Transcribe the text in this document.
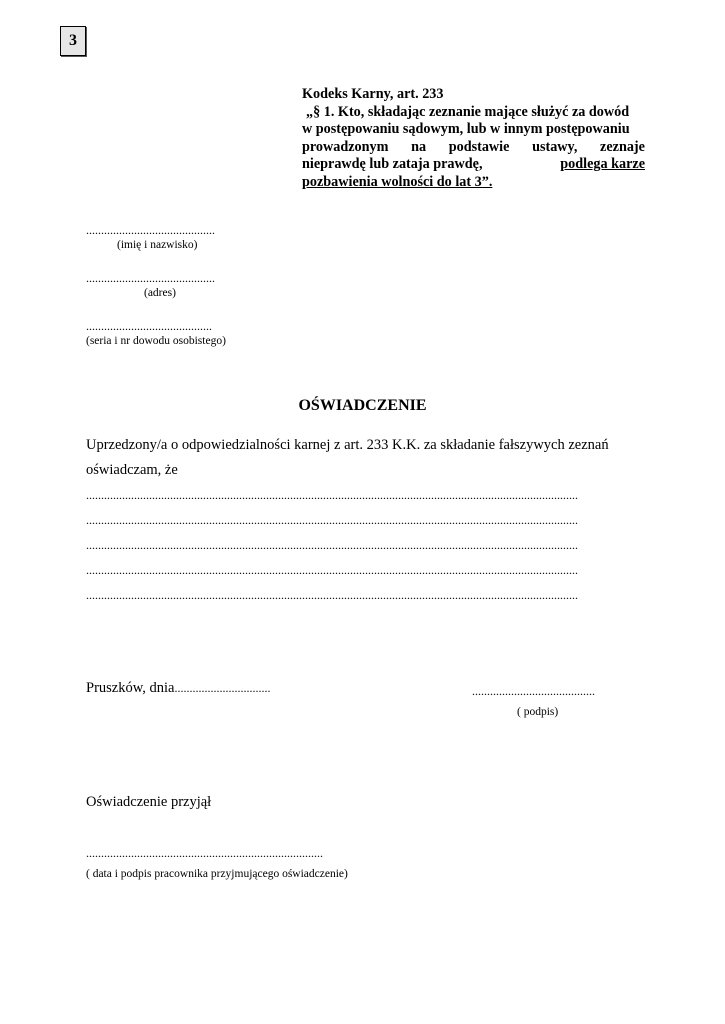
3
Kodeks Karny, art. 233
„§ 1. Kto, składając zeznanie mające służyć za dowód
w postępowaniu sądowym, lub w innym postępowaniu
prowadzonym na podstawie ustawy, zeznaje
nieprawdę lub zataja prawdę,	podlega karze
pozbawienia wolności do lat 3”.
...........................................
(imię i nazwisko)
...........................................
(adres)
..........................................
(seria i nr dowodu osobistego)
OŚWIADCZENIE
Uprzedzony/a o odpowiedzialności karnej z art. 233 K.K. za składanie fałszywych zeznań
oświadczam, że
....................................................................................................................................................................
....................................................................................................................................................................
....................................................................................................................................................................
....................................................................................................................................................................
....................................................................................................................................................................
Pruszków, dnia................................	.........................................
( podpis)
Oświadczenie przyjął
...............................................................................
( data i podpis pracownika przyjmującego oświadczenie)
